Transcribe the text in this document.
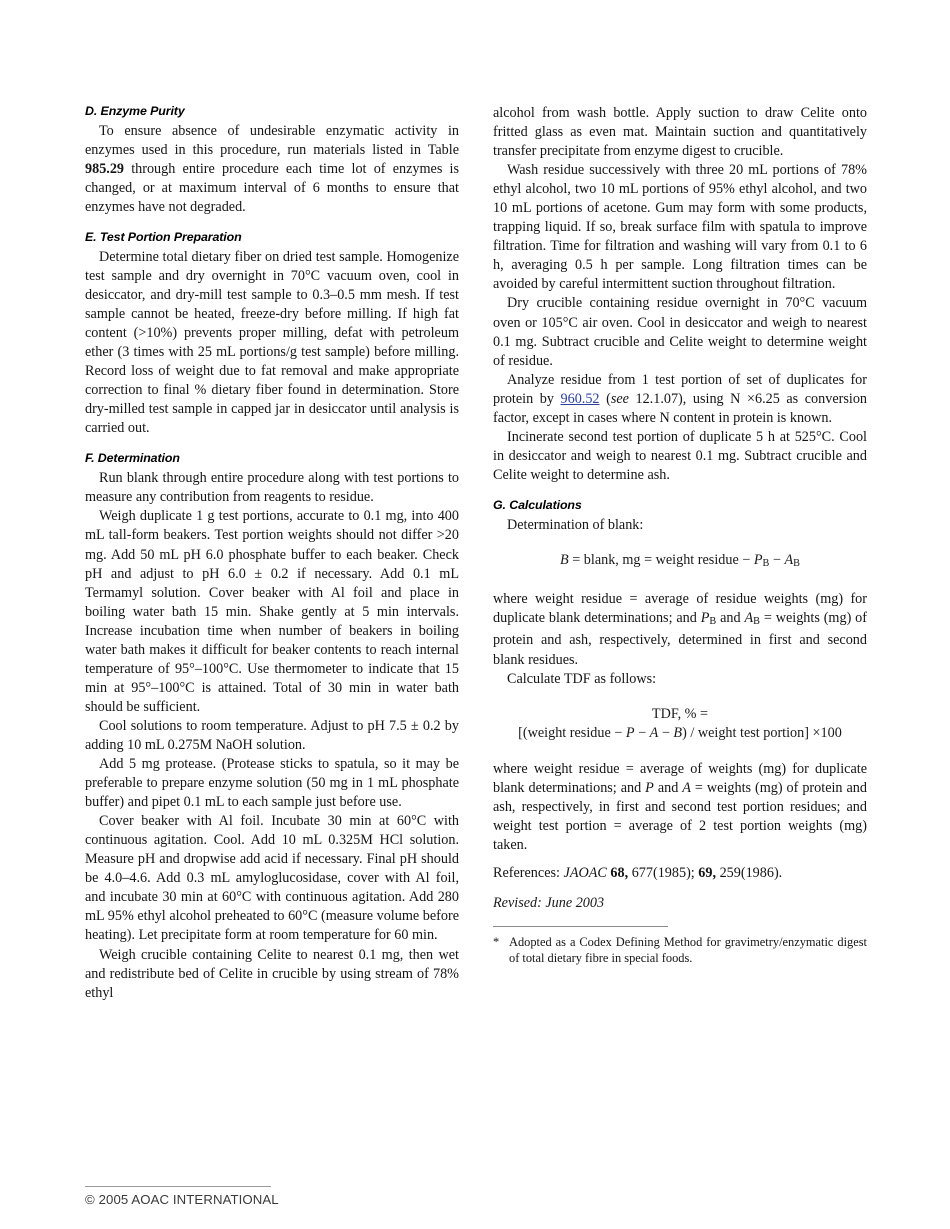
D. Enzyme Purity

To ensure absence of undesirable enzymatic activity in enzymes used in this procedure, run materials listed in Table 985.29 through entire procedure each time lot of enzymes is changed, or at maximum interval of 6 months to ensure that enzymes have not degraded.

E. Test Portion Preparation

Determine total dietary fiber on dried test sample. Homogenize test sample and dry overnight in 70°C vacuum oven, cool in desiccator, and dry-mill test sample to 0.3–0.5 mm mesh. If test sample cannot be heated, freeze-dry before milling. If high fat content (>10%) prevents proper milling, defat with petroleum ether (3 times with 25 mL portions/g test sample) before milling. Record loss of weight due to fat removal and make appropriate correction to final % dietary fiber found in determination. Store dry-milled test sample in capped jar in desiccator until analysis is carried out.

F. Determination

Run blank through entire procedure along with test portions to measure any contribution from reagents to residue.

Weigh duplicate 1 g test portions, accurate to 0.1 mg, into 400 mL tall-form beakers. Test portion weights should not differ >20 mg. Add 50 mL pH 6.0 phosphate buffer to each beaker. Check pH and adjust to pH 6.0 ± 0.2 if necessary. Add 0.1 mL Termamyl solution. Cover beaker with Al foil and place in boiling water bath 15 min. Shake gently at 5 min intervals. Increase incubation time when number of beakers in boiling water bath makes it difficult for beaker contents to reach internal temperature of 95°–100°C. Use thermometer to indicate that 15 min at 95°–100°C is attained. Total of 30 min in water bath should be sufficient.

Cool solutions to room temperature. Adjust to pH 7.5 ± 0.2 by adding 10 mL 0.275M NaOH solution.

Add 5 mg protease. (Protease sticks to spatula, so it may be preferable to prepare enzyme solution (50 mg in 1 mL phosphate buffer) and pipet 0.1 mL to each sample just before use.

Cover beaker with Al foil. Incubate 30 min at 60°C with continuous agitation. Cool. Add 10 mL 0.325M HCl solution. Measure pH and dropwise add acid if necessary. Final pH should be 4.0–4.6. Add 0.3 mL amyloglucosidase, cover with Al foil, and incubate 30 min at 60°C with continuous agitation. Add 280 mL 95% ethyl alcohol preheated to 60°C (measure volume before heating). Let precipitate form at room temperature for 60 min.

Weigh crucible containing Celite to nearest 0.1 mg, then wet and redistribute bed of Celite in crucible by using stream of 78% ethyl

alcohol from wash bottle. Apply suction to draw Celite onto fritted glass as even mat. Maintain suction and quantitatively transfer precipitate from enzyme digest to crucible.

Wash residue successively with three 20 mL portions of 78% ethyl alcohol, two 10 mL portions of 95% ethyl alcohol, and two 10 mL portions of acetone. Gum may form with some products, trapping liquid. If so, break surface film with spatula to improve filtration. Time for filtration and washing will vary from 0.1 to 6 h, averaging 0.5 h per sample. Long filtration times can be avoided by careful intermittent suction throughout filtration.

Dry crucible containing residue overnight in 70°C vacuum oven or 105°C air oven. Cool in desiccator and weigh to nearest 0.1 mg. Subtract crucible and Celite weight to determine weight of residue.

Analyze residue from 1 test portion of set of duplicates for protein by 960.52 (see 12.1.07), using N ×6.25 as conversion factor, except in cases where N content in protein is known.

Incinerate second test portion of duplicate 5 h at 525°C. Cool in desiccator and weigh to nearest 0.1 mg. Subtract crucible and Celite weight to determine ash.

G. Calculations

Determination of blank:

B = blank, mg = weight residue − $P_B - A_B$

where weight residue = average of residue weights (mg) for duplicate blank determinations; and $P_B$ and $A_B$ = weights (mg) of protein and ash, respectively, determined in first and second blank residues.

Calculate TDF as follows:

TDF, % =
[(weight residue − P − A − B) / weight test portion] ×100

where weight residue = average of weights (mg) for duplicate blank determinations; and P and A = weights (mg) of protein and ash, respectively, in first and second test portion residues; and weight test portion = average of 2 test portion weights (mg) taken.

References: JAOAC 68, 677(1985); 69, 259(1986).

Revised: June 2003

* Adopted as a Codex Defining Method for gravimetry/enzymatic digest of total dietary fibre in special foods.
© 2005 AOAC INTERNATIONAL
